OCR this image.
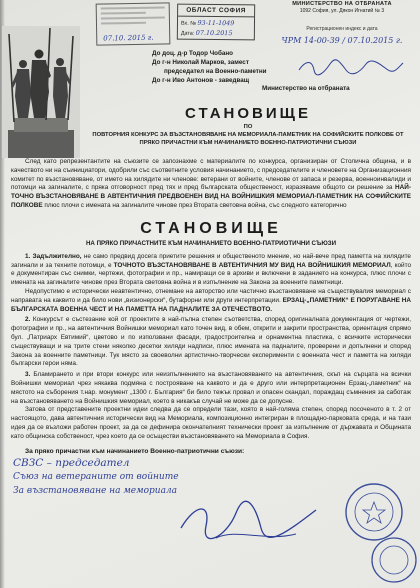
07.10. 2015 г.
ОБЛАСТ СОФИЯ
Вх. № 93-11-1049
Дата: 07.10.2015
МИНИСТЕРСТВО НА ОТБРАНАТА
1092 София, ул. Дякон Игнатий № 3
Регистрационен индекс и дата
ЧРМ 14-00-39 / 07.10.2015 г.
До доц. д-р Тодор Чобано
До г-н Николай Марков, замест
председател на Военно-паметни
До г-н Иво Антонов - заведващ
Министерство на отбраната
СТАНОВИЩЕ
ПО
ПОВТОРНИЯ КОНКУРС ЗА ВЪЗСТАНОВЯВАНЕ НА МЕМОРИАЛА-ПАМЕТНИК НА СОФИЙСКИТЕ ПОЛКОВЕ ОТ
ПРЯКО ПРИЧАСТНИ КЪМ НАЧИНАНИЕТО ВОЕННО-ПАТРИОТИЧНИ СЪЮЗИ

След като репрезентантите на съюзите се запознахме с материалите по конкурса, организиран от Столична община, и в качеството ни на съинициатори, одобрили със съответните условия начинанието, с председателите и членовете на Организационния комитет по възстановяване, от името на хилядите ни членове: ветерани от войните, членове от запаса и резерва, военноинвалиди и потомци на загиналите, с пряка отговорност пред тях и пред българската общественост, изразяваме общото си решение за НАЙ-ТОЧНО ВЪЗСТАНОВЯВАНЕ В АВТЕНТИЧНИЯ ПРЕДВОЕНЕН ВИД НА ВОЙНИШКИЯ МЕМОРИАЛ-ПАМЕТНИК НА СОФИЙСКИТЕ ПОЛКОВЕ плюс плочи с имената на загиналите чинове през Втората световна война, със следното категорично

СТАНОВИЩЕ
НА ПРЯКО ПРИЧАСТНИТЕ КЪМ НАЧИНАНИЕТО ВОЕННО-ПАТРИОТИЧНИ СЪЮЗИ

1. Задължително, не само предвид досега приетите решения и общественото мнение, но най-вече пред паметта на хилядите загинали и за техните потомци, е ТОЧНОТО ВЪЗСТАНОВЯВАНЕ В АВТЕНТИЧНИЯ МУ ВИД НА ВОЙНИШКИЯ МЕМОРИАЛ, който е документиран със снимки, чертежи, фотографии и пр., намиращи се в архиви и включени в заданието на конкурса, плюс плочи с имената на загиналите чинове през Втората световна война и в изпълнение на Закона за военните паметници.

Недопустимо е исторически неавтентично, отнемане на авторство или частично възстановяване на съществувалия мемориал с направата на каквито и да било нови „визионерски“, бутафорни или други интерпретации. ЕРЗАЦ-„ПАМЕТНИК“ Е ПОРУГАВАНЕ НА БЪЛГАРСКАТА ВОЕННА ЧЕСТ И НА ПАМЕТТА НА ПАДНАЛИТЕ ЗА ОТЕЧЕСТВОТО.

2. Конкурсът е състезание кой от проектите в най-пълна степен съответства, според оригиналната документация от чертежи, фотографии и пр., на автентичния Войнишки мемориал като точен вид, в обем, открити и закрити пространства, ориентация спрямо бул. „Патриарх Евтимий“, цветово и по използвани фасади, градостроителна и орнаментна пластика, с всичките исторически съществуващи и на трите стени няколко десетки хиляди надписи, плюс имената на падналите, проверени и допълнени и според Закона за военните паметници. Тук място за своеволни артистично-творчески експерименти с военната чест и паметта на хиляди български герои няма.

3. Бламирането и при втори конкурс или неизпълнението на възстановяването на автентичния, скъп на сърцата на всички Войнишки мемориал чрез някаква подмяна с построяване на каквото и да е друго или интерпретационен Ерзац-„паметник“ на мястото на съборения т.нар. монумент „1300 г. България“ би било тежък провал и опасен скандал, пораждащ съмнения за саботаж на възстановяването на Войнишкия мемориал, което в никакъв случай не може да се допусне.

Затова от представените проектни идеи следва да се определи тази, която в най-голяма степен, според посоченото в т. 2 от настоящото, дава автентичния исторически вид на Мемориала, композиционно интегриран в площадно-парковата среда, и на тази идея да се възложи работен проект, за да се дефинира окончателният технически проект за изпълнение от държавата и Общината като общинска собственост, чрез което да се осъществи възстановяването на Мемориала в София.

За пряко причастни към начинанието Военно-патриотични съюзи:
СВЗС – председател
Съюз на ветераните от войните
За възстановяване на мемориала
